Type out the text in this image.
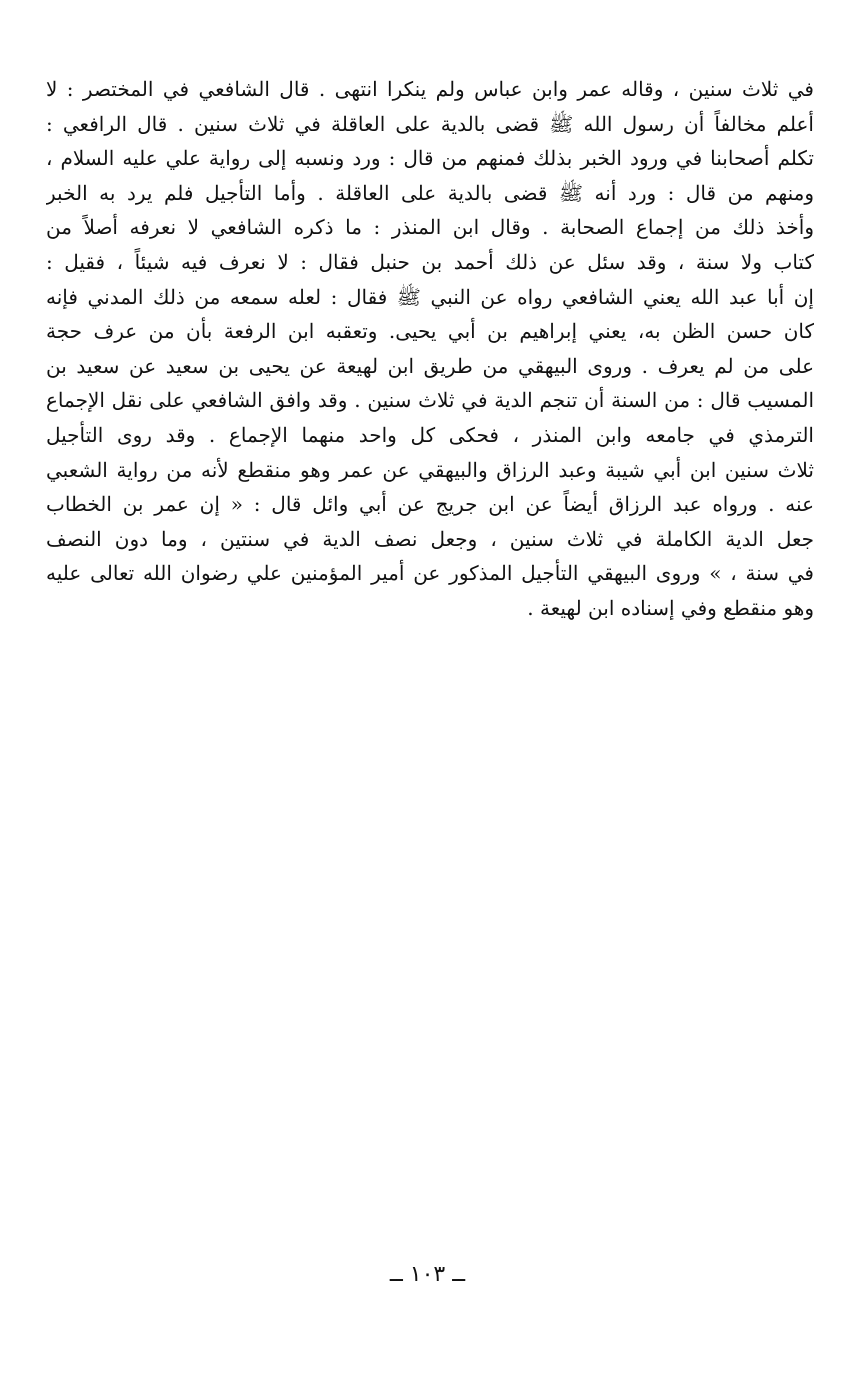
في ثلاث سنين ، وقاله عمر وابن عباس ولم ينكرا انتهى . قال الشافعي في المختصر : لا
أعلم مخالفاً أن رسول الله ﷺ قضى بالدية على العاقلة في ثلاث سنين . قال الرافعي :
تكلم أصحابنا في ورود الخبر بذلك فمنهم من قال : ورد ونسبه إلى رواية علي عليه السلام ،
ومنهم من قال : ورد أنه ﷺ قضى بالدية على العاقلة . وأما التأجيل فلم يرد به الخبر
وأخذ ذلك من إجماع الصحابة . وقال ابن المنذر : ما ذكره الشافعي لا نعرفه أصلاً من
كتاب ولا سنة ، وقد سئل عن ذلك أحمد بن حنبل فقال : لا نعرف فيه شيئاً ، فقيل :
إن أبا عبد الله يعني الشافعي رواه عن النبي ﷺ فقال : لعله سمعه من ذلك المدني فإنه
كان حسن الظن به، يعني إبراهيم بن أبي يحيى. وتعقبه ابن الرفعة بأن من عرف حجة
على من لم يعرف . وروى البيهقي من طريق ابن لهيعة عن يحيى بن سعيد عن سعيد بن
المسيب قال : من السنة أن تنجم الدية في ثلاث سنين . وقد وافق الشافعي على نقل الإجماع
الترمذي في جامعه وابن المنذر ، فحكى كل واحد منهما الإجماع . وقد روى التأجيل
ثلاث سنين ابن أبي شيبة وعبد الرزاق والبيهقي عن عمر وهو منقطع لأنه من رواية الشعبي
عنه . ورواه عبد الرزاق أيضاً عن ابن جريج عن أبي وائل قال : « إن عمر بن الخطاب
جعل الدية الكاملة في ثلاث سنين ، وجعل نصف الدية في سنتين ، وما دون النصف
في سنة ، » وروى البيهقي التأجيل المذكور عن أمير المؤمنين علي رضوان الله تعالى عليه
وهو منقطع وفي إسناده ابن لهيعة .
ــ ١٠٣ ــ
